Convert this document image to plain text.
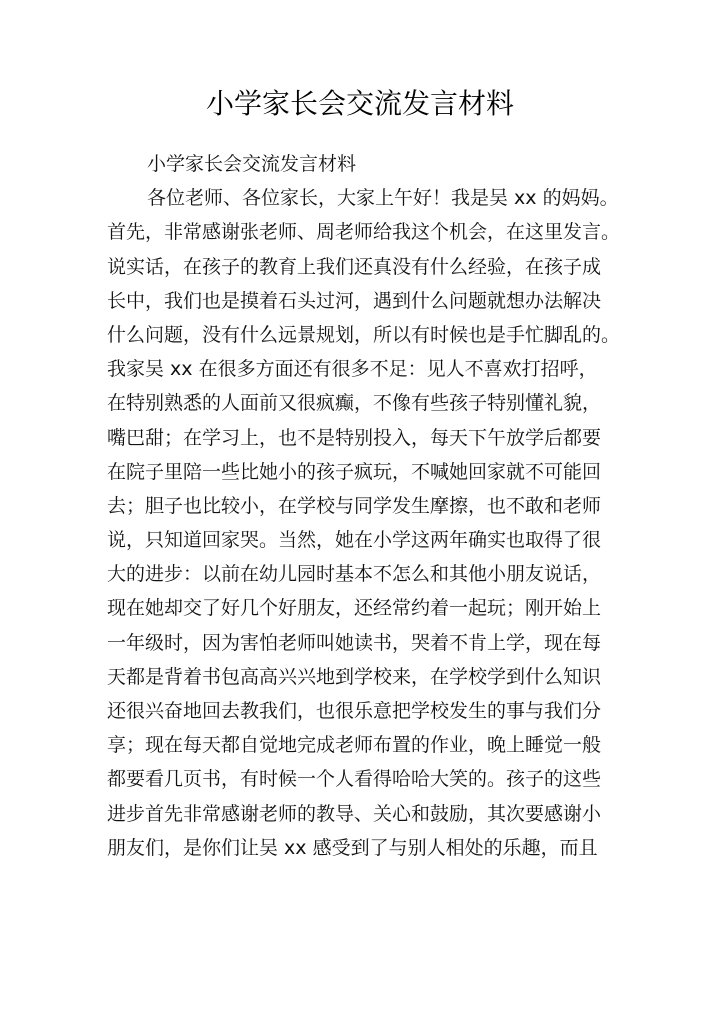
小学家长会交流发言材料
小学家长会交流发言材料
各位老师、各位家长，大家上午好！我是吴 xx 的妈妈。
首先，非常感谢张老师、周老师给我这个机会，在这里发言。
说实话，在孩子的教育上我们还真没有什么经验，在孩子成
长中，我们也是摸着石头过河，遇到什么问题就想办法解决
什么问题，没有什么远景规划，所以有时候也是手忙脚乱的。
我家吴 xx 在很多方面还有很多不足：见人不喜欢打招呼，
在特别熟悉的人面前又很疯癫，不像有些孩子特别懂礼貌，
嘴巴甜；在学习上，也不是特别投入，每天下午放学后都要
在院子里陪一些比她小的孩子疯玩，不喊她回家就不可能回
去；胆子也比较小，在学校与同学发生摩擦，也不敢和老师
说，只知道回家哭。当然，她在小学这两年确实也取得了很
大的进步：以前在幼儿园时基本不怎么和其他小朋友说话，
现在她却交了好几个好朋友，还经常约着一起玩；刚开始上
一年级时，因为害怕老师叫她读书，哭着不肯上学，现在每
天都是背着书包高高兴兴地到学校来，在学校学到什么知识
还很兴奋地回去教我们，也很乐意把学校发生的事与我们分
享；现在每天都自觉地完成老师布置的作业，晚上睡觉一般
都要看几页书，有时候一个人看得哈哈大笑的。孩子的这些
进步首先非常感谢老师的教导、关心和鼓励，其次要感谢小
朋友们，是你们让吴 xx 感受到了与别人相处的乐趣，而且
